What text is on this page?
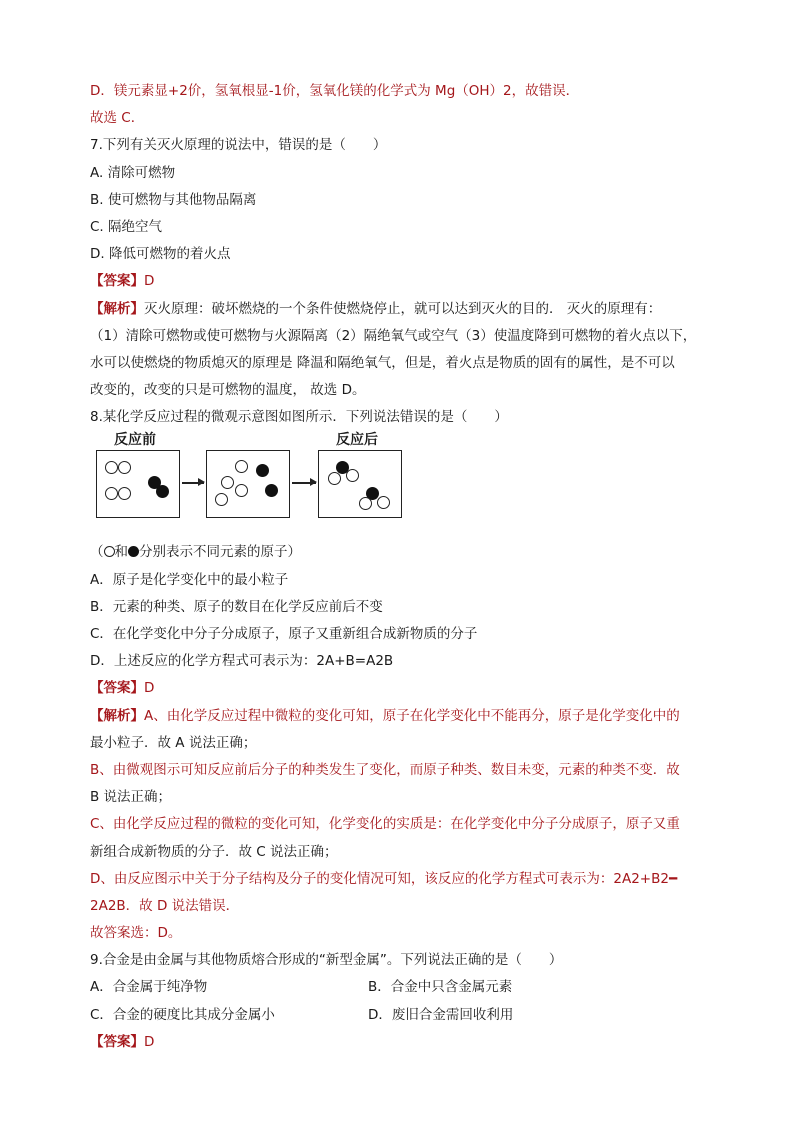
D．镁元素显+2价，氢氧根显-1价，氢氧化镁的化学式为 Mg（OH）2，故错误．
故选 C．
7.下列有关灭火原理的说法中，错误的是（　　）
A. 清除可燃物
B. 使可燃物与其他物品隔离
C. 隔绝空气
D. 降低可燃物的着火点
【答案】D
【解析】灭火原理：破坏燃烧的一个条件使燃烧停止，就可以达到灭火的目的． 灭火的原理有：
（1）清除可燃物或使可燃物与火源隔离（2）隔绝氧气或空气（3）使温度降到可燃物的着火点以下，
水可以使燃烧的物质熄灭的原理是 降温和隔绝氧气，但是，着火点是物质的固有的属性，是不可以
改变的，改变的只是可燃物的温度， 故选 D。
8.某化学反应过程的微观示意图如图所示．下列说法错误的是（　　）
反应前	反应后
（ 和 分别表示不同元素的原子）
A．原子是化学变化中的最小粒子
B．元素的种类、原子的数目在化学反应前后不变
C．在化学变化中分子分成原子，原子又重新组合成新物质的分子
D．上述反应的化学方程式可表示为：2A+B=A2B
【答案】D
【解析】A、由化学反应过程中微粒的变化可知，原子在化学变化中不能再分，原子是化学变化中的
最小粒子．故 A 说法正确；
B、由微观图示可知反应前后分子的种类发生了变化，而原子种类、数目未变，元素的种类不变．故
B 说法正确；
C、由化学反应过程的微粒的变化可知，化学变化的实质是：在化学变化中分子分成原子，原子又重
新组合成新物质的分子．故 C 说法正确；
D、由反应图示中关于分子结构及分子的变化情况可知，该反应的化学方程式可表示为：2A2+B2━
2A2B．故 D 说法错误．
故答案选：D。
9.合金是由金属与其他物质熔合形成的“新型金属”。下列说法正确的是（　　）
A．合金属于纯净物	B．合金中只含金属元素
C．合金的硬度比其成分金属小	D．废旧合金需回收利用
【答案】D
